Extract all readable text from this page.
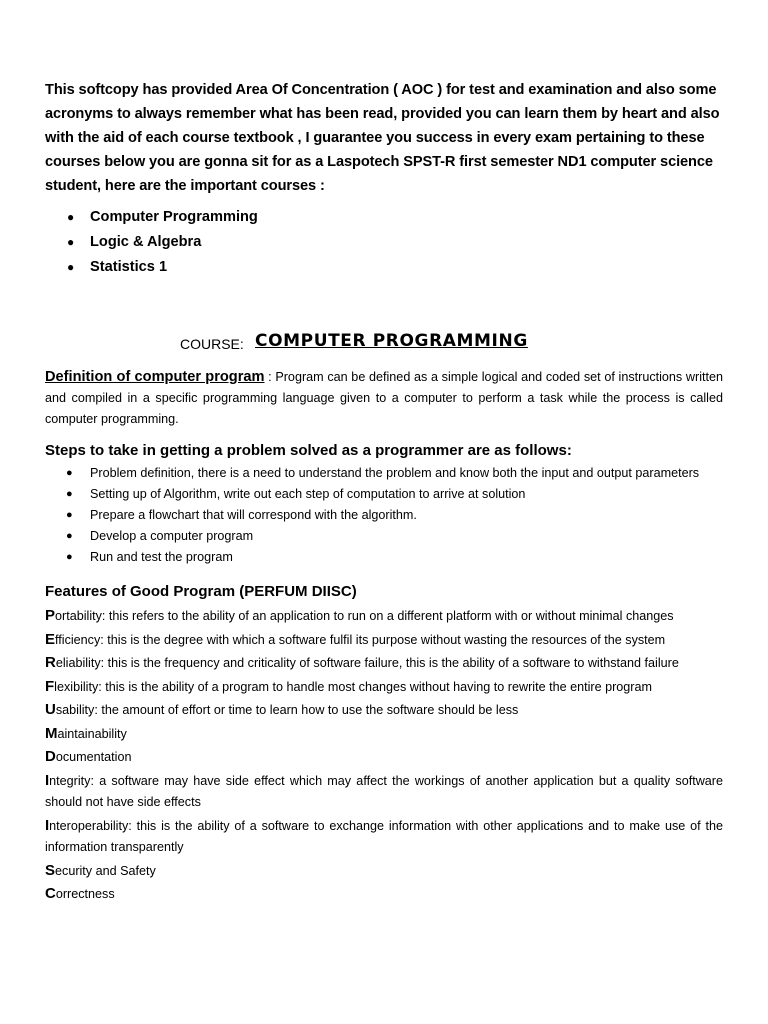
This softcopy has provided Area Of Concentration ( AOC ) for test and examination and also some acronyms to always remember what has been read, provided you can learn them by heart and also with the aid of each course textbook , I guarantee you success in every exam pertaining to these courses below you are gonna sit for as a Laspotech SPST-R first semester ND1 computer science student, here are the important courses :

● Computer Programming
● Logic & Algebra
● Statistics 1
COURSE: COMPUTER PROGRAMMING

Definition of computer program : Program can be defined as a simple logical and coded set of instructions written and compiled in a specific programming language given to a computer to perform a task while the process is called computer programming.

Steps to take in getting a problem solved as a programmer are as follows:

● Problem definition, there is a need to understand the problem and know both the input and output parameters
● Setting up of Algorithm, write out each step of computation to arrive at solution
● Prepare a flowchart that will correspond with the algorithm.
● Develop a computer program
● Run and test the program

Features of Good Program (PERFUM DIISC)

Portability: this refers to the ability of an application to run on a different platform with or without minimal changes

Efficiency: this is the degree with which a software fulfil its purpose without wasting the resources of the system

Reliability: this is the frequency and criticality of software failure, this is the ability of a software to withstand failure

Flexibility: this is the ability of a program to handle most changes without having to rewrite the entire program

Usability: the amount of effort or time to learn how to use the software should be less

Maintainability

Documentation

Integrity: a software may have side effect which may affect the workings of another application but a quality software should not have side effects

Interoperability: this is the ability of a software to exchange information with other applications and to make use of the information transparently

Security and Safety

Correctness
